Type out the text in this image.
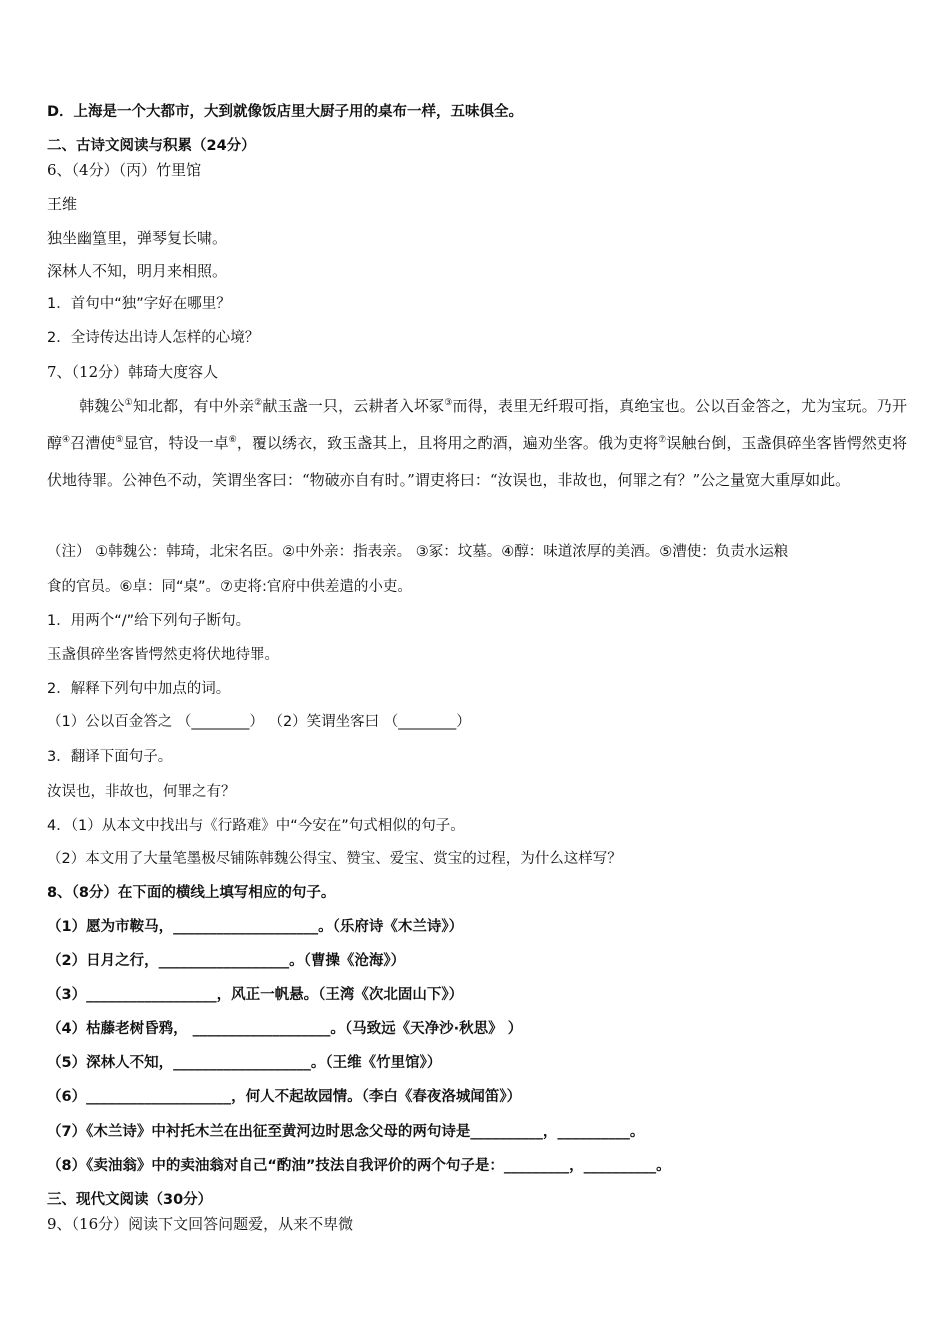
D．上海是一个大都市，大到就像饭店里大厨子用的桌布一样，五味俱全。
二、古诗文阅读与积累（24分）
6、（4分）（丙）竹里馆
王维
独坐幽篁里，弹琴复长啸。
深林人不知，明月来相照。
1．首句中“独”字好在哪里？
2．全诗传达出诗人怎样的心境？
7、（12分）韩琦大度容人
韩魏公①知北都，有中外亲②献玉盏一只，云耕者入坏冢③而得，表里无纤瑕可指，真绝宝也。公以百金答之，尤为宝玩。乃开醇④召漕使⑤显官，特设一卓⑥，覆以绣衣，致玉盏其上，且将用之酌酒，遍劝坐客。俄为吏将⑦误触台倒，玉盏俱碎坐客皆愕然吏将伏地待罪。公神色不动，笑谓坐客曰：“物破亦自有时。”谓吏将曰：“汝误也，非故也，何罪之有？”公之量宽大重厚如此。
（注） ①韩魏公：韩琦，北宋名臣。②中外亲：指表亲。 ③冢：坟墓。④醇：味道浓厚的美酒。⑤漕使：负责水运粮
食的官员。⑥卓：同“桌”。⑦吏将:官府中供差遣的小吏。
1．用两个“/”给下列句子断句。
玉盏俱碎坐客皆愕然吏将伏地待罪。
2．解释下列句中加点的词。
（1）公以百金答之 （________） （2）笑谓坐客曰 （________）
3．翻译下面句子。
汝误也，非故也，何罪之有？
4．（1）从本文中找出与《行路难》中“今安在”句式相似的句子。
（2）本文用了大量笔墨极尽铺陈韩魏公得宝、赞宝、爱宝、赏宝的过程，为什么这样写？
8、（8分）在下面的横线上填写相应的句子。
（1）愿为市鞍马，____________________。（乐府诗《木兰诗》）
（2）日月之行，__________________。（曹操《沧海》）
（3）__________________，风正一帆悬。（王湾《次北固山下》）
（4）枯藤老树昏鸦， ___________________。（马致远《天净沙·秋思》 ）
（5）深林人不知，___________________。（王维《竹里馆》）
（6）____________________，何人不起故园情。（李白《春夜洛城闻笛》）
（7）《木兰诗》中衬托木兰在出征至黄河边时思念父母的两句诗是__________，__________。
（8）《卖油翁》中的卖油翁对自己“酌油”技法自我评价的两个句子是：_________，__________。
三、现代文阅读（30分）
9、（16分）阅读下文回答问题爱，从来不卑微
